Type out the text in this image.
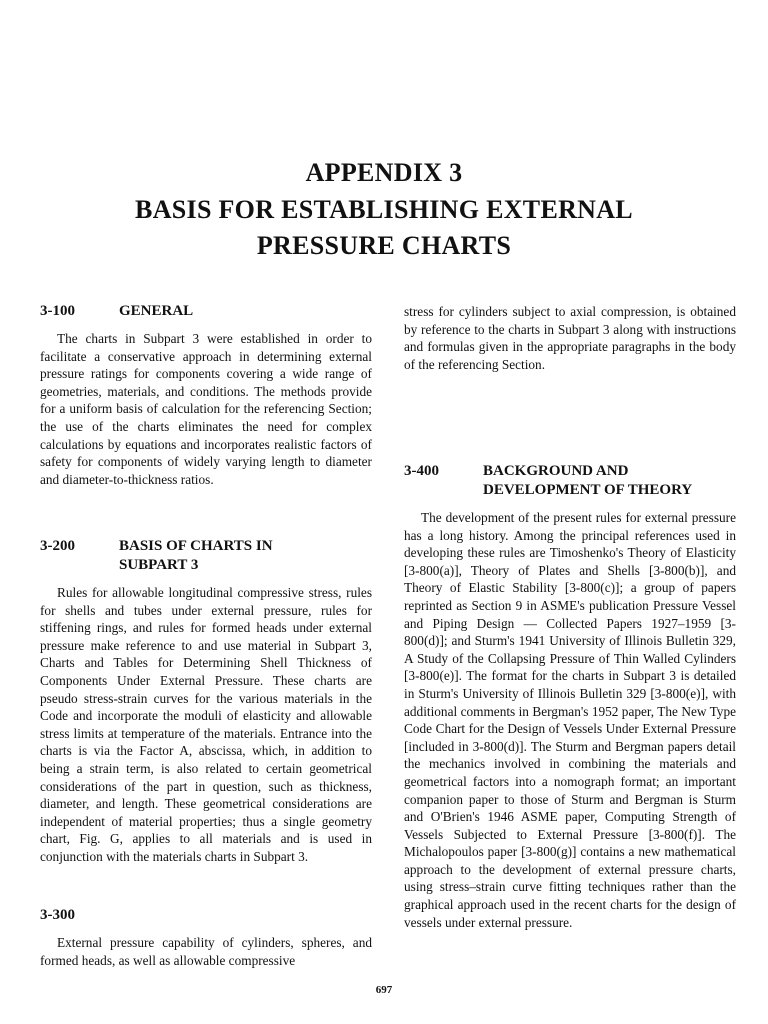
APPENDIX 3
BASIS FOR ESTABLISHING EXTERNAL
PRESSURE CHARTS
3-100	GENERAL

The charts in Subpart 3 were established in order to facilitate a conservative approach in determining external pressure ratings for components covering a wide range of geometries, materials, and conditions. The methods provide for a uniform basis of calculation for the referencing Section; the use of the charts eliminates the need for complex calculations by equations and incorporates realistic factors of safety for components of widely varying length to diameter and diameter-to-thickness ratios.

3-200	BASIS OF CHARTS IN
SUBPART 3

Rules for allowable longitudinal compressive stress, rules for shells and tubes under external pressure, rules for stiffening rings, and rules for formed heads under external pressure make reference to and use material in Subpart 3, Charts and Tables for Determining Shell Thickness of Components Under External Pressure. These charts are pseudo stress-strain curves for the various materials in the Code and incorporate the moduli of elasticity and allowable stress limits at temperature of the materials. Entrance into the charts is via the Factor A, abscissa, which, in addition to being a strain term, is also related to certain geometrical considerations of the part in question, such as thickness, diameter, and length. These geometrical considerations are independent of material properties; thus a single geometry chart, Fig. G, applies to all materials and is used in conjunction with the materials charts in Subpart 3.

3-300

External pressure capability of cylinders, spheres, and formed heads, as well as allowable compressive

stress for cylinders subject to axial compression, is obtained by reference to the charts in Subpart 3 along with instructions and formulas given in the appropriate paragraphs in the body of the referencing Section.

3-400	BACKGROUND AND
DEVELOPMENT OF THEORY

The development of the present rules for external pressure has a long history. Among the principal references used in developing these rules are Timoshenko's Theory of Elasticity [3-800(a)], Theory of Plates and Shells [3-800(b)], and Theory of Elastic Stability [3-800(c)]; a group of papers reprinted as Section 9 in ASME's publication Pressure Vessel and Piping Design — Collected Papers 1927–1959 [3-800(d)]; and Sturm's 1941 University of Illinois Bulletin 329, A Study of the Collapsing Pressure of Thin Walled Cylinders [3-800(e)]. The format for the charts in Subpart 3 is detailed in Sturm's University of Illinois Bulletin 329 [3-800(e)], with additional comments in Bergman's 1952 paper, The New Type Code Chart for the Design of Vessels Under External Pressure [included in 3-800(d)]. The Sturm and Bergman papers detail the mechanics involved in combining the materials and geometrical factors into a nomograph format; an important companion paper to those of Sturm and Bergman is Sturm and O'Brien's 1946 ASME paper, Computing Strength of Vessels Subjected to External Pressure [3-800(f)]. The Michalopoulos paper [3-800(g)] contains a new mathematical approach to the development of external pressure charts, using stress–strain curve fitting techniques rather than the graphical approach used in the recent charts for the design of vessels under external pressure.

697
